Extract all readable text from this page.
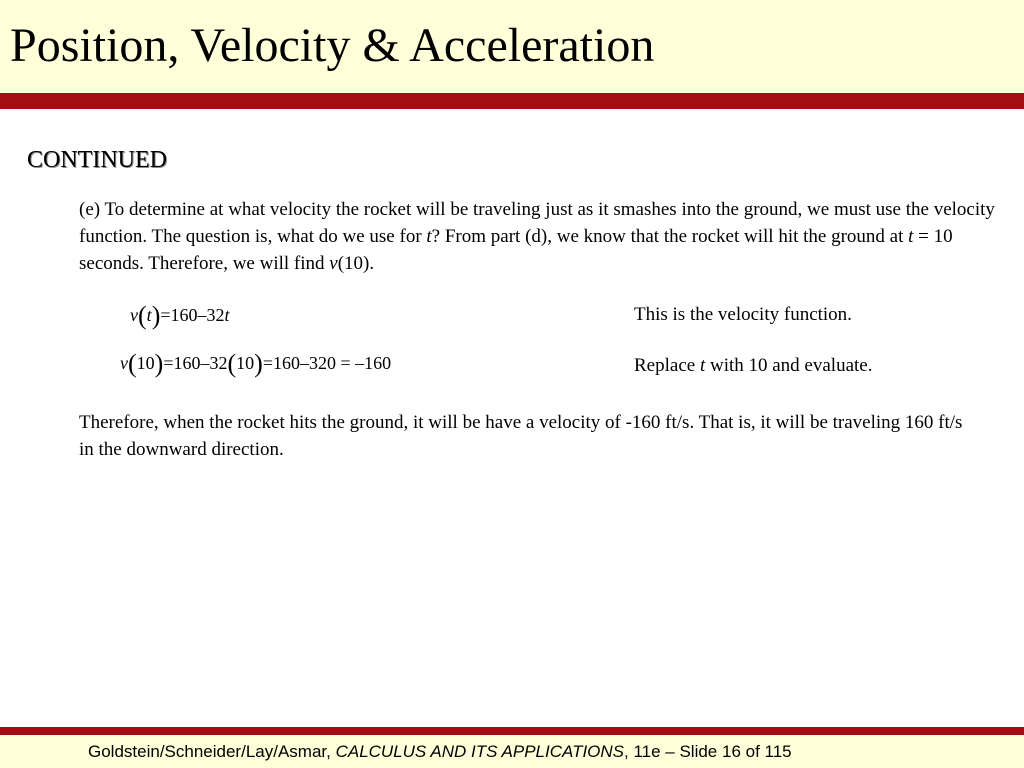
Position, Velocity & Acceleration
CONTINUED
(e) To determine at what velocity the rocket will be traveling just as it smashes into the ground, we must use the velocity function. The question is, what do we use for t? From part (d), we know that the rocket will hit the ground at t = 10 seconds. Therefore, we will find v(10).
v(t)=160–32t	This is the velocity function.
v(10)=160–32(10)=160–320 = –160	Replace t with 10 and evaluate.
Therefore, when the rocket hits the ground, it will be have a velocity of -160 ft/s. That is, it will be traveling 160 ft/s in the downward direction.
Goldstein/Schneider/Lay/Asmar, CALCULUS AND ITS APPLICATIONS, 11e – Slide 16 of 115
